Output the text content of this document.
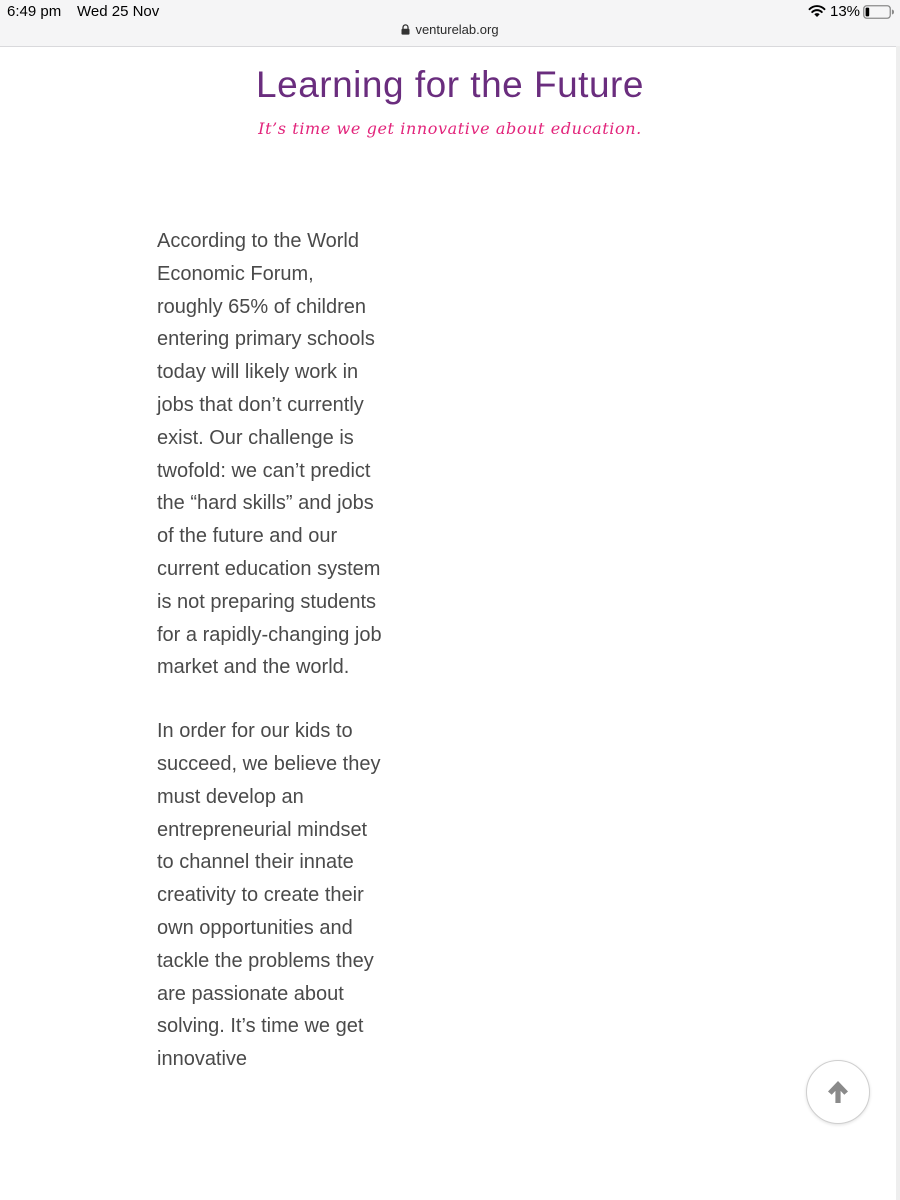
6:49 pm Wed 25 Nov	13%
venturelab.org
Learning for the Future
It’s time we get innovative about education.

According to the World Economic Forum, roughly 65% of children entering primary schools today will likely work in jobs that don’t currently exist. Our challenge is twofold: we can’t predict the “hard skills” and jobs of the future and our current education system is not preparing students for a rapidly-changing job market and the world.

In order for our kids to succeed, we believe they must develop an entrepreneurial mindset to channel their innate creativity to create their own opportunities and tackle the problems they are passionate about solving. It’s time we get innovative
